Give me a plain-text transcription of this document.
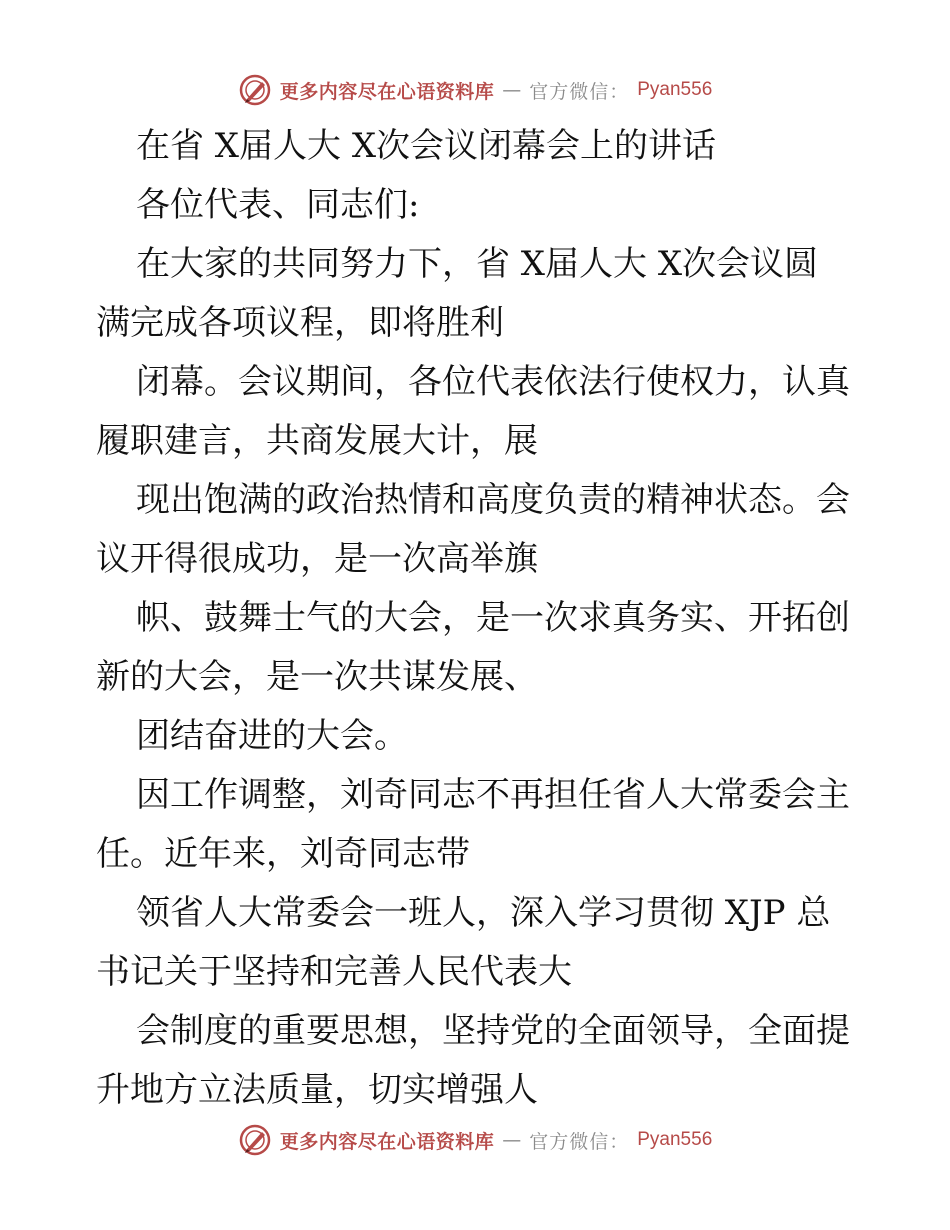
更多内容尽在心语资料库 — 官方微信： Pyan556

在省 X届人大 X次会议闭幕会上的讲话

各位代表、同志们:

在大家的共同努力下，省 X届人大 X次会议圆

满完成各项议程，即将胜利

闭幕。会议期间，各位代表依法行使权力，认真

履职建言，共商发展大计，展

现出饱满的政治热情和高度负责的精神状态。会

议开得很成功，是一次高举旗

帜、鼓舞士气的大会，是一次求真务实、开拓创

新的大会，是一次共谋发展、

团结奋进的大会。

因工作调整，刘奇同志不再担任省人大常委会主

任。近年来，刘奇同志带

领省人大常委会一班人，深入学习贯彻 XJP 总

书记关于坚持和完善人民代表大

会制度的重要思想，坚持党的全面领导，全面提

升地方立法质量，切实增强人

更多内容尽在心语资料库 — 官方微信： Pyan556
